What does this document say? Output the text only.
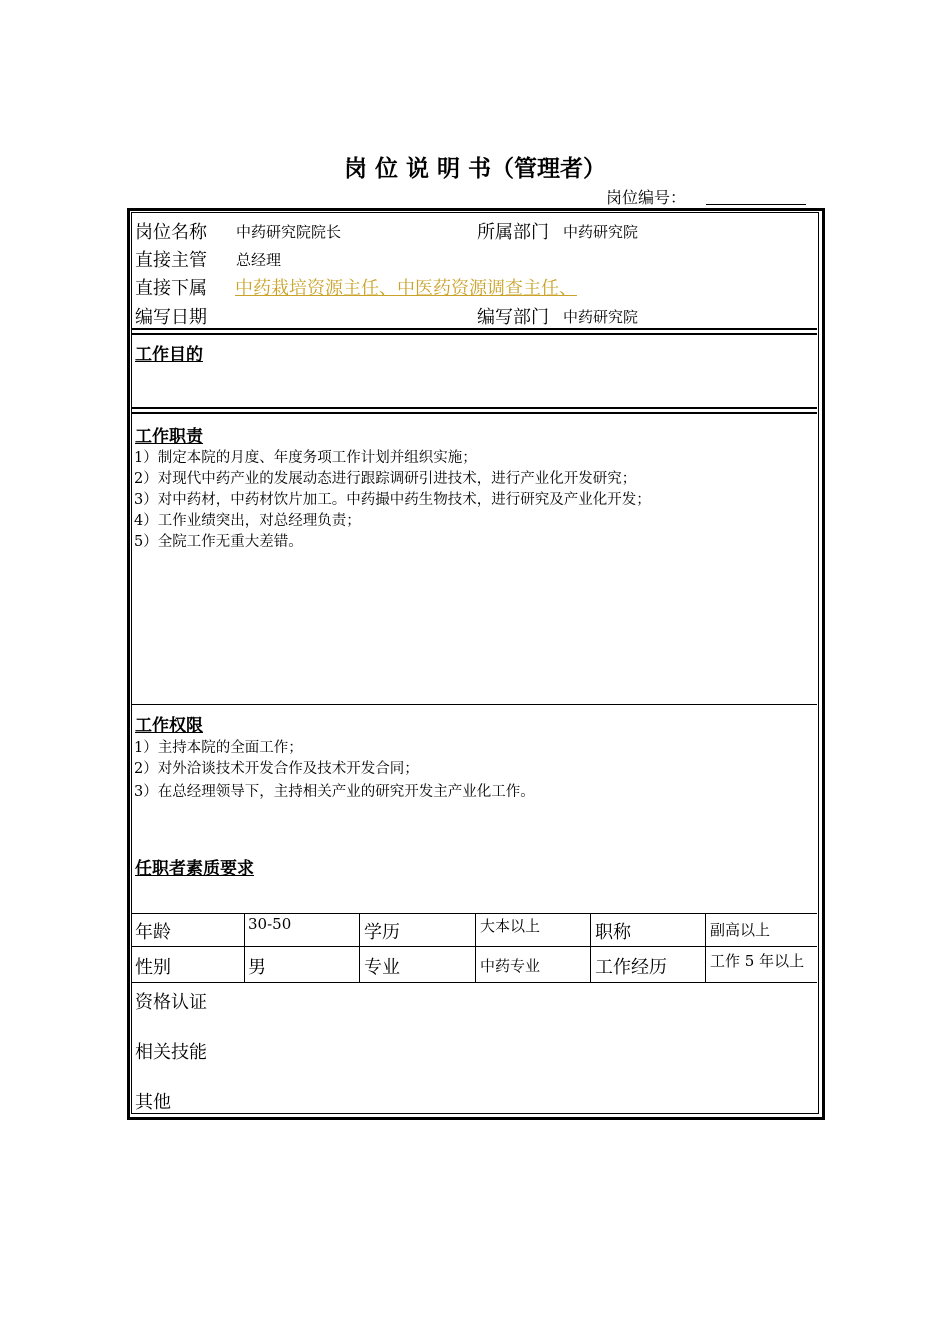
岗 位 说 明 书（管理者）
岗位编号：
岗位名称 中药研究院院长	所属部门 中药研究院
直接主管 总经理
直接下属 中药栽培资源主任、中医药资源调查主任、
编写日期	编写部门 中药研究院
工作目的
工作职责
1）制定本院的月度、年度务项工作计划并组织实施；
2）对现代中药产业的发展动态进行跟踪调研引进技术，进行产业化开发研究；
3）对中药材，中药材饮片加工。中药撮中药生物技术，进行研究及产业化开发；
4）工作业绩突出，对总经理负责；
5）全院工作无重大差错。
工作权限
1）主持本院的全面工作；
2）对外洽谈技术开发合作及技术开发合同；
3）在总经理领导下，主持相关产业的研究开发主产业化工作。
任职者素质要求
年龄	30-50	学历	大本以上	职称	副高以上
性别	男	专业	中药专业	工作经历	工作 5 年以上
资格认证
相关技能
其他
